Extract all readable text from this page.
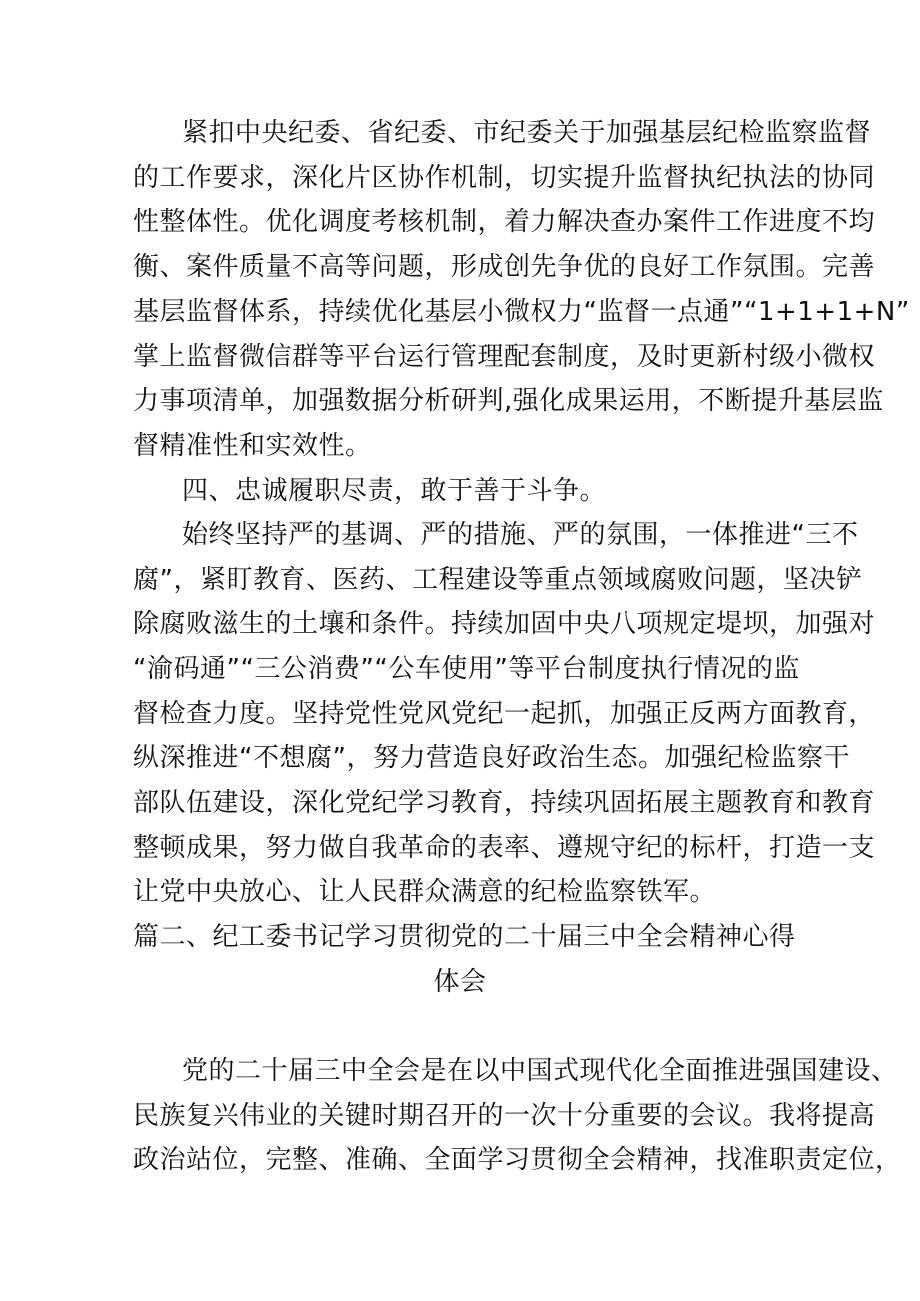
紧扣中央纪委、省纪委、市纪委关于加强基层纪检监察监督
的工作要求，深化片区协作机制，切实提升监督执纪执法的协同
性整体性。优化调度考核机制，着力解决查办案件工作进度不均
衡、案件质量不高等问题，形成创先争优的良好工作氛围。完善
基层监督体系，持续优化基层小微权力“监督一点通”“1+1+1+N”
掌上监督微信群等平台运行管理配套制度，及时更新村级小微权
力事项清单，加强数据分析研判,强化成果运用，不断提升基层监
督精准性和实效性。
四、忠诚履职尽责，敢于善于斗争。
始终坚持严的基调、严的措施、严的氛围，一体推进“三不
腐”，紧盯教育、医药、工程建设等重点领域腐败问题，坚决铲
除腐败滋生的土壤和条件。持续加固中央八项规定堤坝，加强对
“渝码通”“三公消费”“公车使用”等平台制度执行情况的监
督检查力度。坚持党性党风党纪一起抓，加强正反两方面教育，
纵深推进“不想腐”，努力营造良好政治生态。加强纪检监察干
部队伍建设，深化党纪学习教育，持续巩固拓展主题教育和教育
整顿成果，努力做自我革命的表率、遵规守纪的标杆，打造一支
让党中央放心、让人民群众满意的纪检监察铁军。
篇二、纪工委书记学习贯彻党的二十届三中全会精神心得
体会
党的二十届三中全会是在以中国式现代化全面推进强国建设、
民族复兴伟业的关键时期召开的一次十分重要的会议。我将提高
政治站位，完整、准确、全面学习贯彻全会精神，找准职责定位，
